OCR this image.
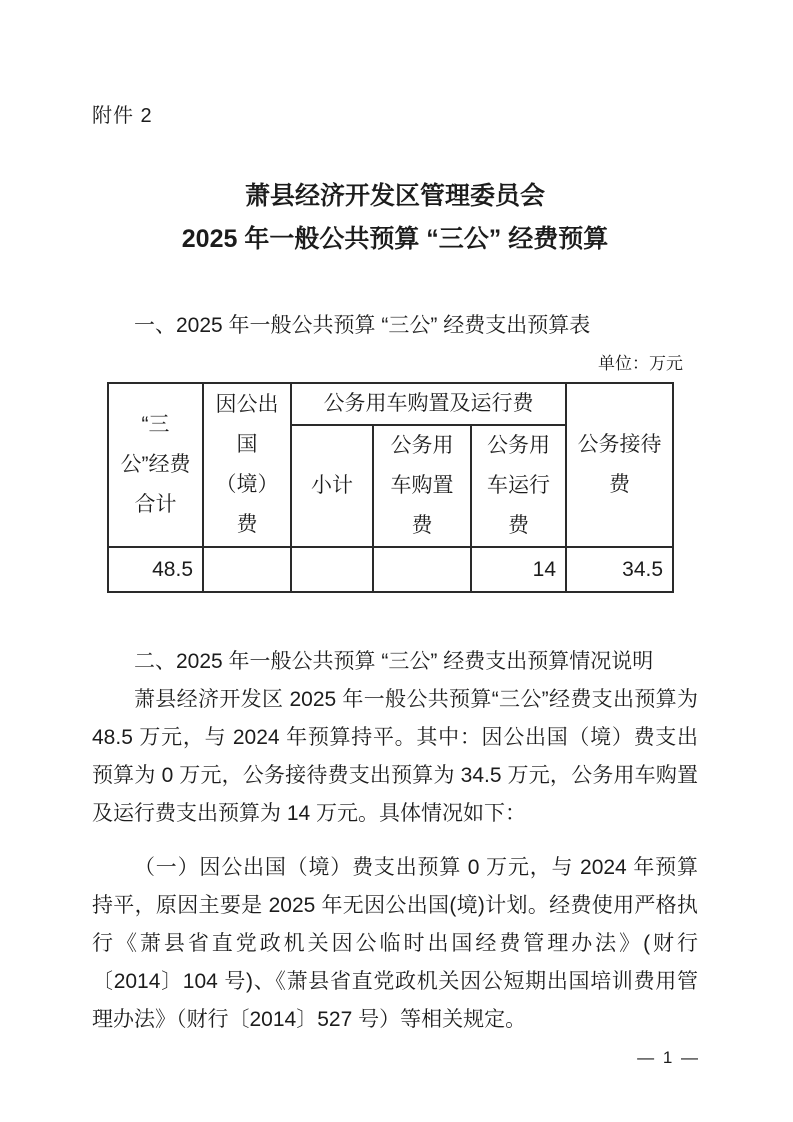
附件 2
萧县经济开发区管理委员会
2025 年一般公共预算 “三公” 经费预算
一、2025 年一般公共预算 “三公” 经费支出预算表
单位：万元
“三公”经费合计	因公出国（境）费	公务用车购置及运行费			公务接待费
		小计	公务用车购置费	公务用车运行费	
48.5				14	34.5
二、2025 年一般公共预算 “三公” 经费支出预算情况说明

萧县经济开发区 2025 年一般公共预算“三公”经费支出预算为 48.5 万元，与 2024 年预算持平。其中：因公出国（境）费支出预算为 0 万元，公务接待费支出预算为 34.5 万元，公务用车购置及运行费支出预算为 14 万元。具体情况如下：

（一）因公出国（境）费支出预算 0 万元，与 2024 年预算持平，原因主要是 2025 年无因公出国(境)计划。经费使用严格执行《萧县省直党政机关因公临时出国经费管理办法》(财行〔2014〕104 号)、《萧县省直党政机关因公短期出国培训费用管理办法》（财行〔2014〕527 号）等相关规定。

— 1 —
